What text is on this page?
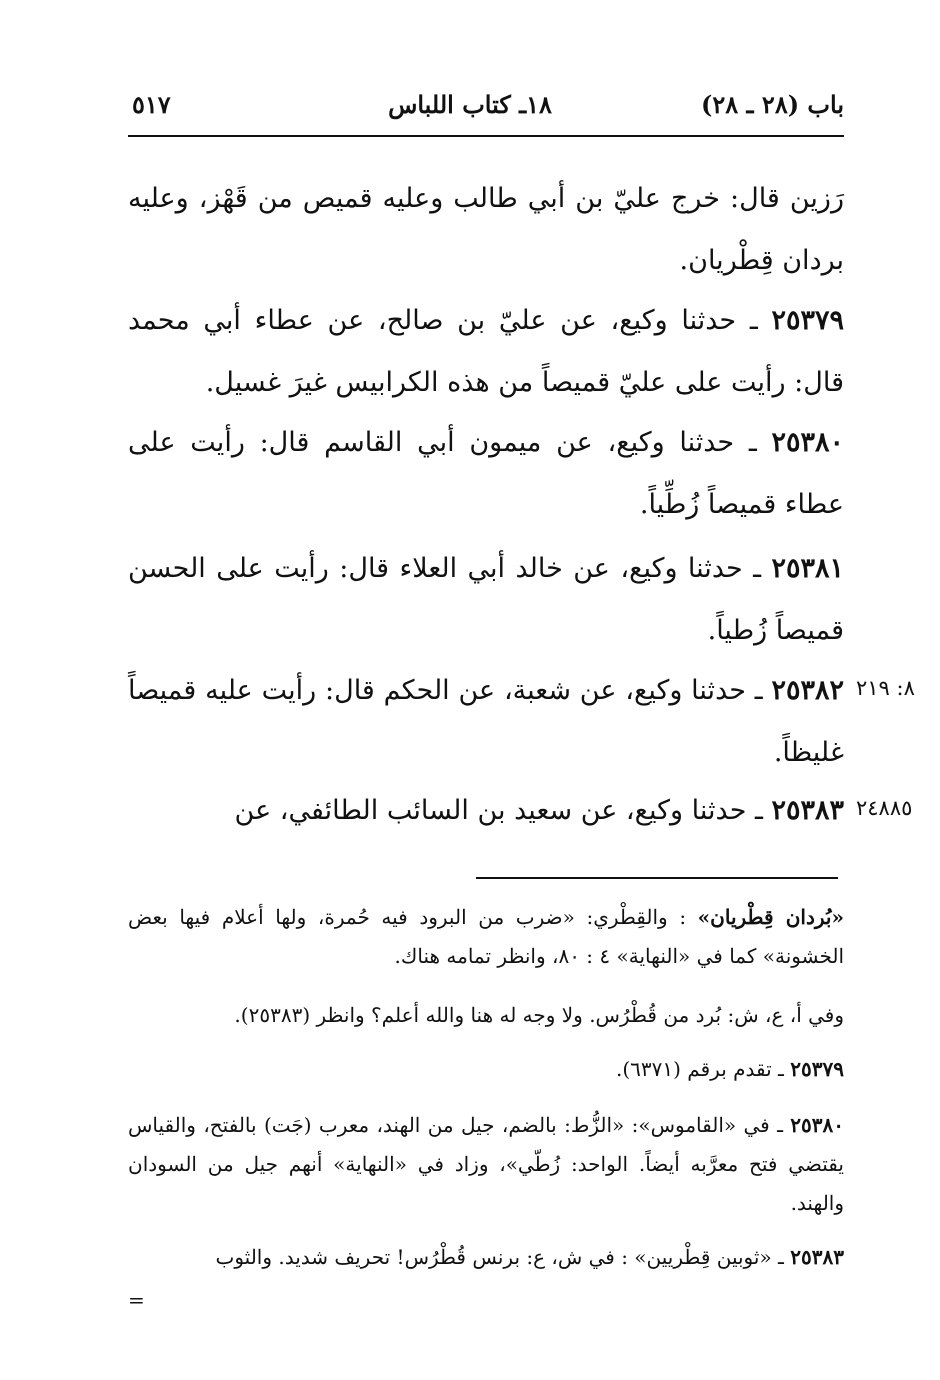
باب (٢٨ ـ ٢٨)
١٨ـ كتاب اللباس
٥١٧

رَزين قال: خرج عليّ بن أبي طالب وعليه قميص من قَهْز، وعليه بردان قِطْريان.

٢٥٣٧٩ ـ حدثنا وكيع، عن عليّ بن صالح، عن عطاء أبي محمد قال: رأيت على عليّ قميصاً من هذه الكرابيس غيرَ غسيل.

٢٥٣٨٠ ـ حدثنا وكيع، عن ميمون أبي القاسم قال: رأيت على عطاء قميصاً زُطِّياً.

٢٥٣٨١ ـ حدثنا وكيع، عن خالد أبي العلاء قال: رأيت على الحسن قميصاً زُطياً.

٢٥٣٨٢ ـ حدثنا وكيع، عن شعبة، عن الحكم قال: رأيت عليه قميصاً غليظاً.

٢٥٣٨٣ ـ حدثنا وكيع، عن سعيد بن السائب الطائفي، عن

٨: ٢١٩
٢٤٨٨٥

«بُردان قِطْريان» : والقِطْري: «ضرب من البرود فيه حُمرة، ولها أعلام فيها بعض الخشونة» كما في «النهاية» ٤ : ٨٠، وانظر تمامه هناك.

وفي أ، ع، ش: بُرد من قُطْرُس. ولا وجه له هنا والله أعلم؟ وانظر (٢٥٣٨٣).

٢٥٣٧٩ ـ تقدم برقم (٦٣٧١).

٢٥٣٨٠ ـ في «القاموس»: «الزُّط: بالضم، جيل من الهند، معرب (جَت) بالفتح، والقياس يقتضي فتح معرَّبه أيضاً. الواحد: زُطّي»، وزاد في «النهاية» أنهم جيل من السودان والهند.

٢٥٣٨٣ ـ «ثوبين قِطْريين» : في ش، ع: برنس قُطْرُس! تحريف شديد. والثوب

=
